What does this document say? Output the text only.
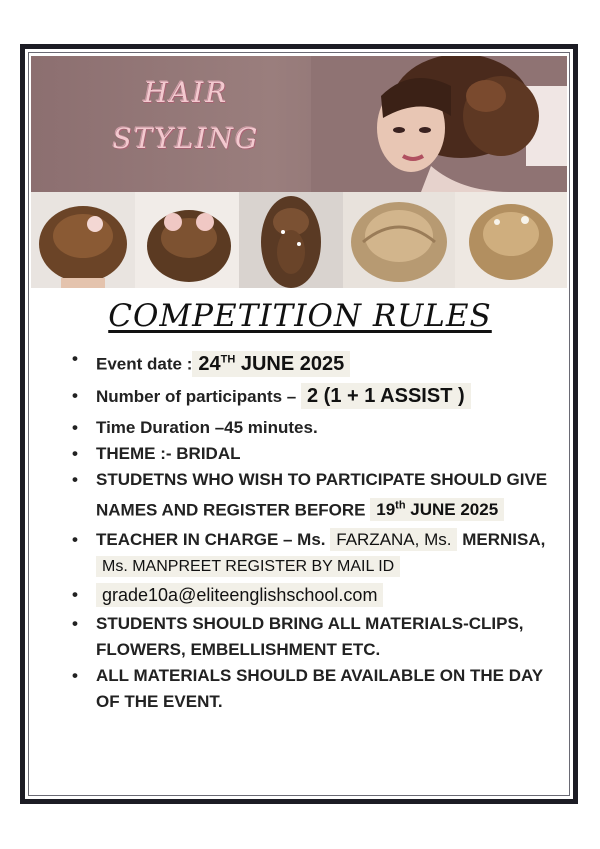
HAIR
STYLING
COMPETITION RULES
• Event date : 24TH JUNE 2025
• Number of participants – 2 (1 + 1 ASSIST )
• Time Duration –45 minutes.
• THEME :- BRIDAL
• STUDETNS WHO WISH TO PARTICIPATE SHOULD GIVE NAMES AND REGISTER BEFORE 19th JUNE 2025
• TEACHER IN CHARGE – Ms. FARZANA, Ms. MERNISA, Ms. MANPREET REGISTER BY MAIL ID
• grade10a@eliteenglishschool.com
• STUDENTS SHOULD BRING ALL MATERIALS-CLIPS, FLOWERS, EMBELLISHMENT ETC.
• ALL MATERIALS SHOULD BE AVAILABLE ON THE DAY OF THE EVENT.
